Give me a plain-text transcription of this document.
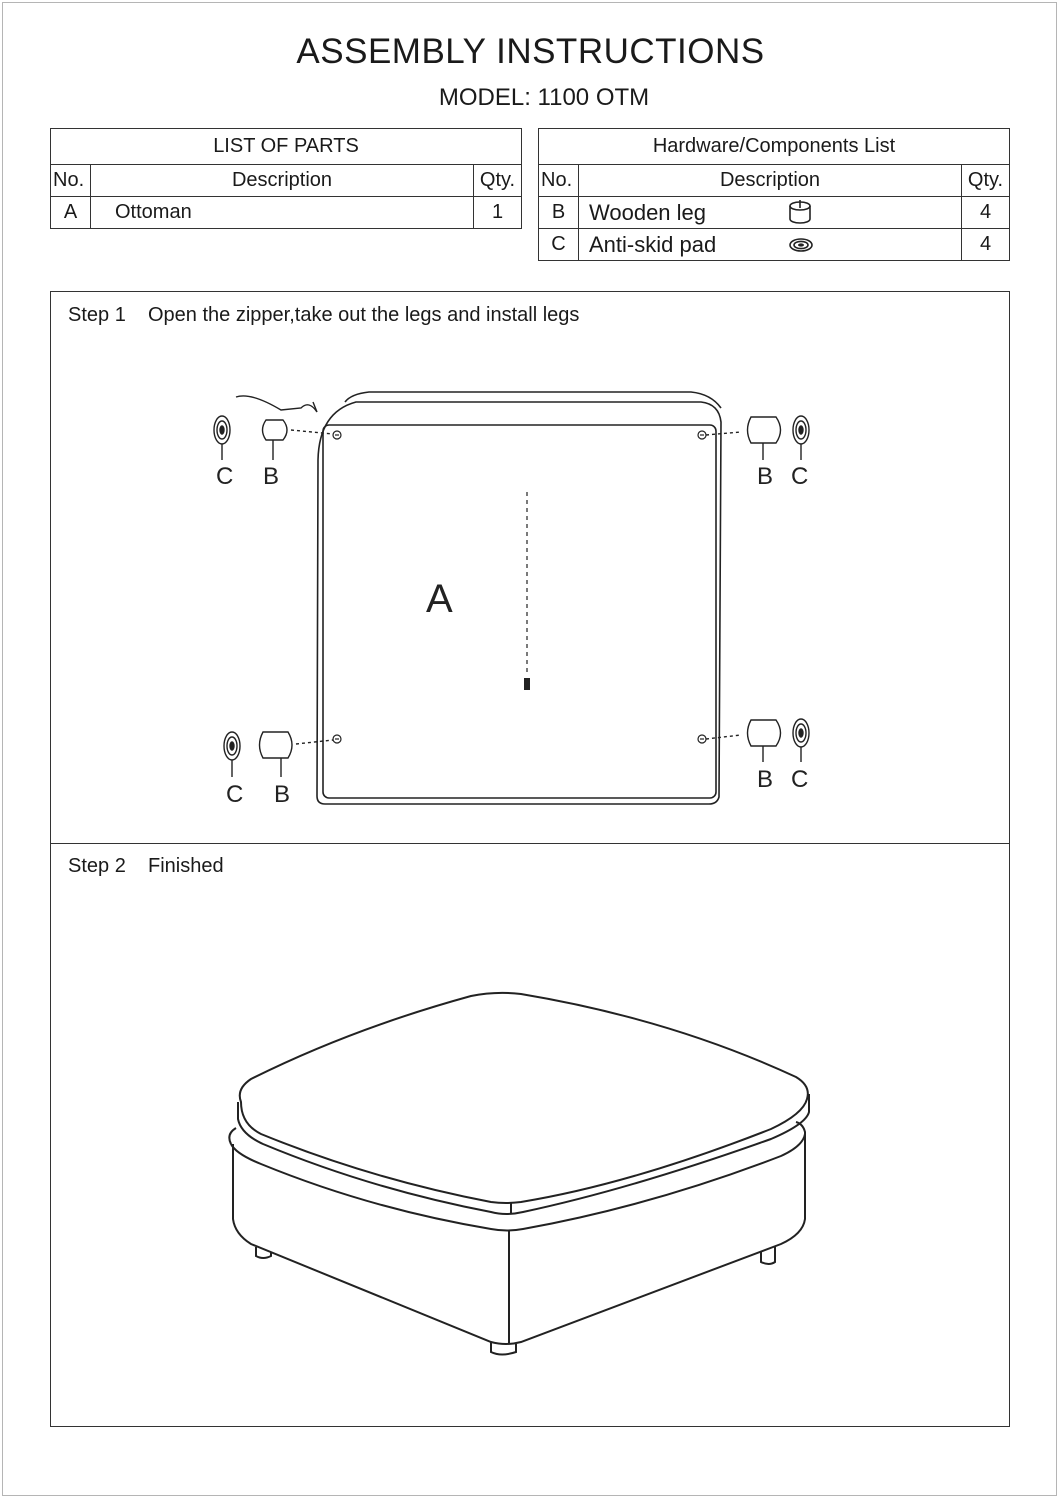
ASSEMBLY INSTRUCTIONS
MODEL: 1100 OTM
LIST OF PARTS		
No.	Description	Qty.
A	Ottoman	1
Hardware/Components List		
No.	Description	Qty.
B	Wooden leg	4
C	Anti-skid pad	4
Step 1 Open the zipper,take out the legs and install legs
A
C B	B C
C B
B C
Step 2 Finished
